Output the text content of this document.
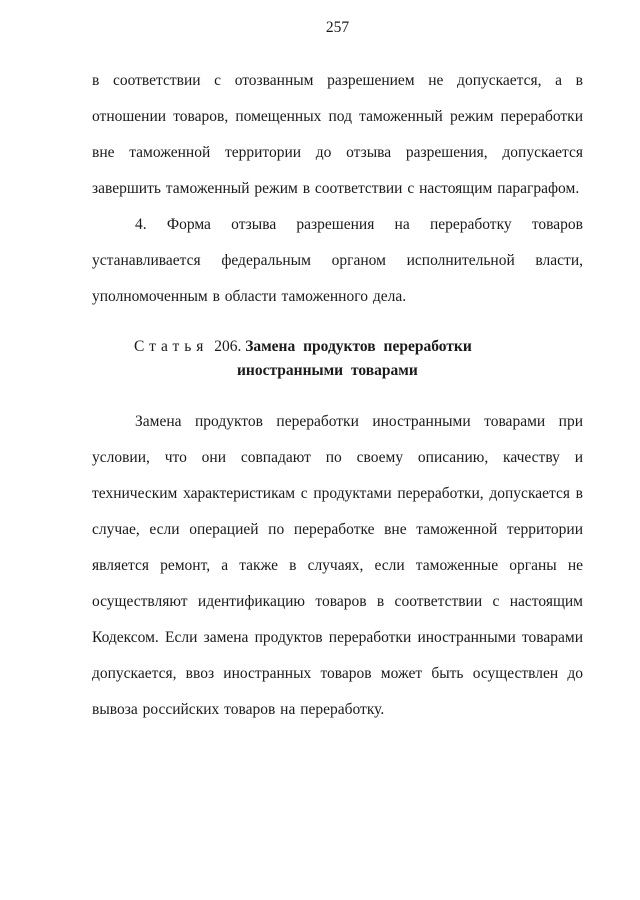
257

в соответствии с отозванным разрешением не допускается, а в отношении товаров, помещенных под таможенный режим переработки вне таможенной территории до отзыва разрешения, допускается завершить таможенный режим в соответствии с настоящим параграфом.

4. Форма отзыва разрешения на переработку товаров устанавливается федеральным органом исполнительной власти, уполномоченным в области таможенного дела.

Статья 206. Замена продуктов переработки иностранными товарами

Замена продуктов переработки иностранными товарами при условии, что они совпадают по своему описанию, качеству и техническим характеристикам с продуктами переработки, допускается в случае, если операцией по переработке вне таможенной территории является ремонт, а также в случаях, если таможенные органы не осуществляют идентификацию товаров в соответствии с настоящим Кодексом. Если замена продуктов переработки иностранными товарами допускается, ввоз иностранных товаров может быть осуществлен до вывоза российских товаров на переработку.
